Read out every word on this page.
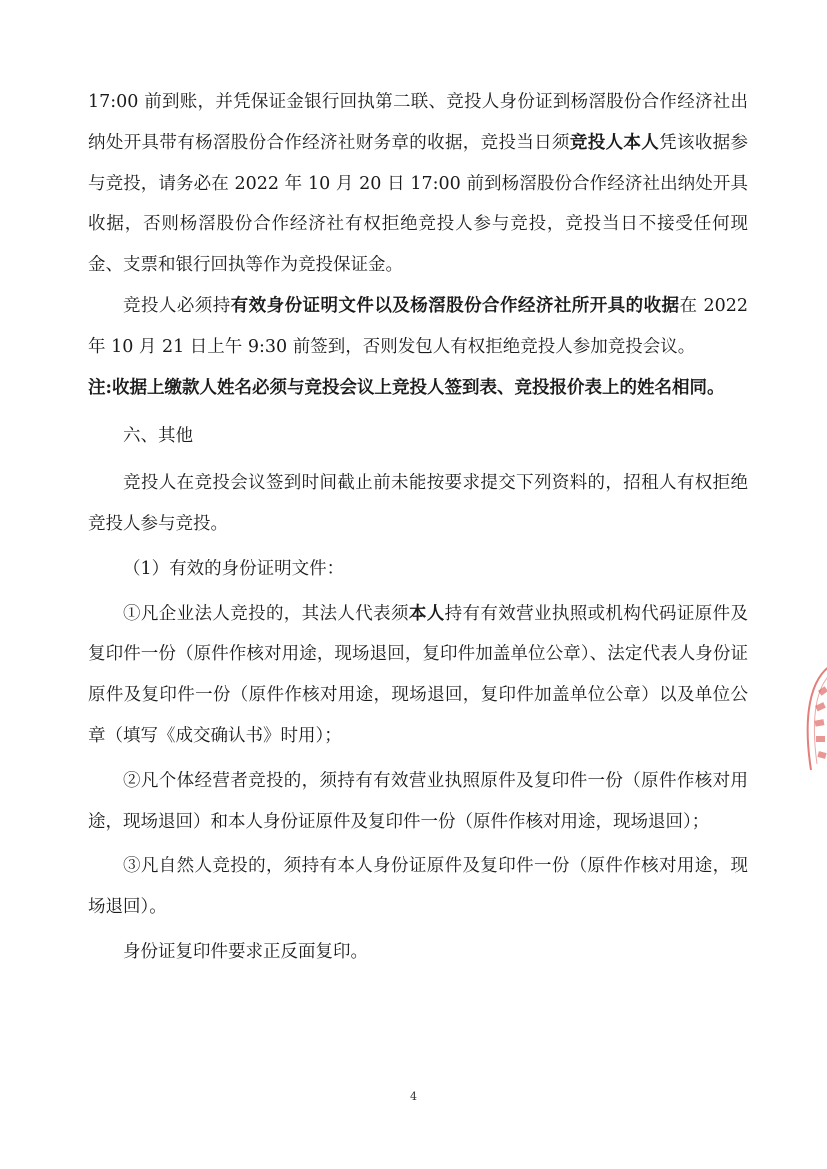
17:00 前到账，并凭保证金银行回执第二联、竞投人身份证到杨滘股份合作经济社出纳处开具带有杨滘股份合作经济社财务章的收据，竞投当日须竞投人本人凭该收据参与竞投，请务必在 2022 年 10 月 20 日 17:00 前到杨滘股份合作经济社出纳处开具收据，否则杨滘股份合作经济社有权拒绝竞投人参与竞投，竞投当日不接受任何现金、支票和银行回执等作为竞投保证金。

竞投人必须持有效身份证明文件以及杨滘股份合作经济社所开具的收据在 2022 年 10 月 21 日上午 9:30 前签到，否则发包人有权拒绝竞投人参加竞投会议。

注:收据上缴款人姓名必须与竞投会议上竞投人签到表、竞投报价表上的姓名相同。

六、其他

竞投人在竞投会议签到时间截止前未能按要求提交下列资料的，招租人有权拒绝竞投人参与竞投。

（1）有效的身份证明文件：

①凡企业法人竞投的，其法人代表须本人持有有效营业执照或机构代码证原件及复印件一份（原件作核对用途，现场退回，复印件加盖单位公章）、法定代表人身份证原件及复印件一份（原件作核对用途，现场退回，复印件加盖单位公章）以及单位公章（填写《成交确认书》时用）；

②凡个体经营者竞投的，须持有有效营业执照原件及复印件一份（原件作核对用途，现场退回）和本人身份证原件及复印件一份（原件作核对用途，现场退回）；

③凡自然人竞投的，须持有本人身份证原件及复印件一份（原件作核对用途，现场退回）。

身份证复印件要求正反面复印。

4
